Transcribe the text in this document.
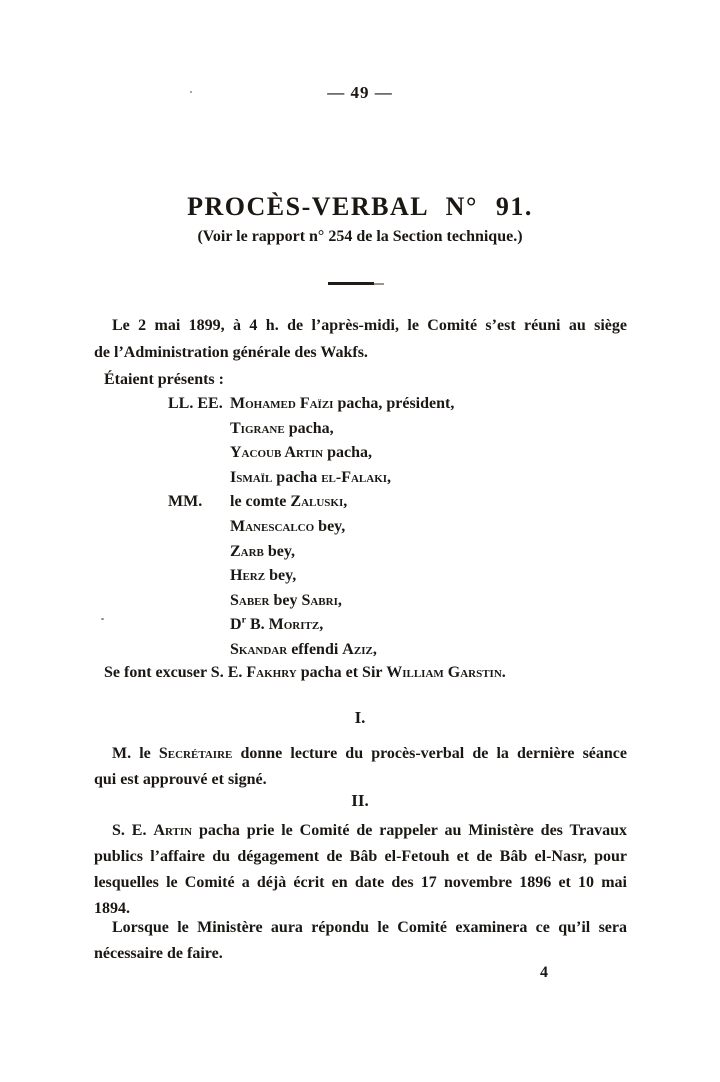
— 49 —
PROCÈS-VERBAL N° 91.
(Voir le rapport n° 254 de la Section technique.)
Le 2 mai 1899, à 4 h. de l’après-midi, le Comité s’est réuni au siège
de l’Administration générale des Wakfs.
Étaient présents :
LL. EE. Mohamed Faïzi pacha, président,
Tigrane pacha,
Yacoub Artin pacha,
Ismaïl pacha el-Falaki,
MM.	le comte Zaluski,
Manescalco bey,
Zarb bey,
Herz bey,
Saber bey Sabri,
$D^r$ B. Moritz,
Skandar effendi Aziz,
Se font excuser S. E. Fakhry pacha et Sir William Garstin.
I.
M. le Secrétaire donne lecture du procès-verbal de la dernière séance
qui est approuvé et signé.
II.
S. E. Artin pacha prie le Comité de rappeler au Ministère des Travaux
publics l’affaire du dégagement de Bâb el-Fetouh et de Bâb el-Nasr, pour
lesquelles le Comité a déjà écrit en date des 17 novembre 1896 et 10 mai
1894.
Lorsque le Ministère aura répondu le Comité examinera ce qu’il sera
nécessaire de faire.
4
